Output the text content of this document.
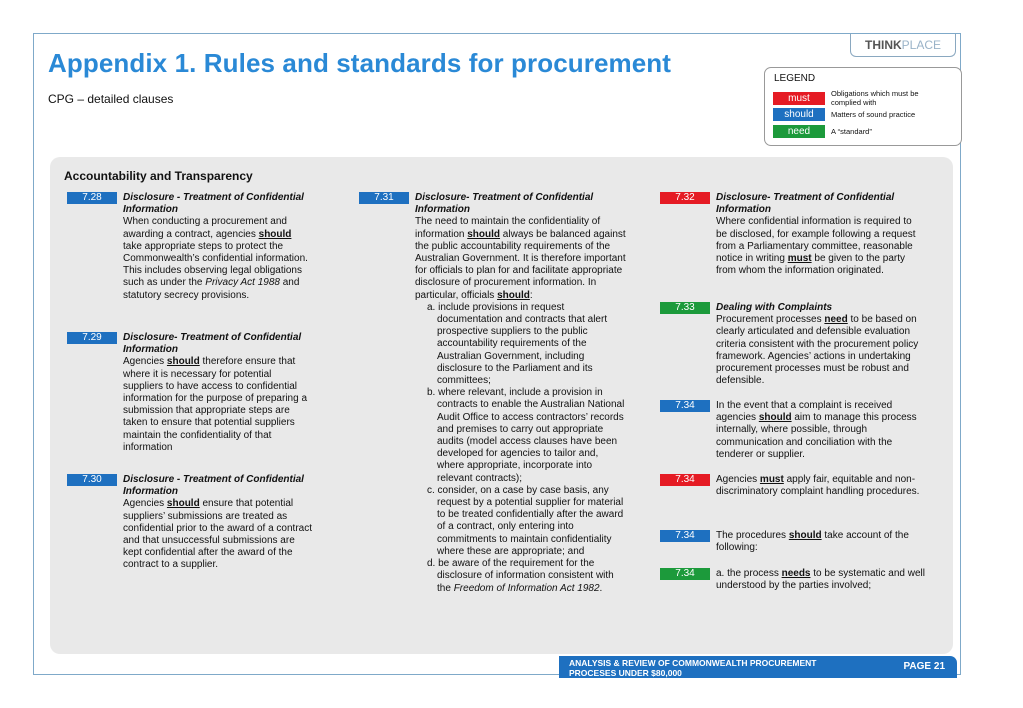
THINK PLACE
Appendix 1. Rules and standards for procurement
CPG – detailed clauses
LEGEND
must	Obligations which must be complied with
should	Matters of sound practice
need	A “standard”
Accountability and Transparency
7.28	Disclosure - Treatment of Confidential Information
When conducting a procurement and awarding a contract, agencies should take appropriate steps to protect the Commonwealth’s confidential information. This includes observing legal obligations such as under the Privacy Act 1988 and statutory secrecy provisions.
7.29	Disclosure- Treatment of Confidential Information
Agencies should therefore ensure that where it is necessary for potential suppliers to have access to confidential information for the purpose of preparing a submission that appropriate steps are taken to ensure that potential suppliers maintain the confidentiality of that information
7.30	Disclosure - Treatment of Confidential Information
Agencies should ensure that potential suppliers’ submissions are treated as confidential prior to the award of a contract and that unsuccessful submissions are kept confidential after the award of the contract to a supplier.
7.31	Disclosure- Treatment of Confidential Information
The need to maintain the confidentiality of information should always be balanced against the public accountability requirements of the Australian Government. It is therefore important for officials to plan for and facilitate appropriate disclosure of procurement information. In particular, officials should:
a. include provisions in request documentation and contracts that alert prospective suppliers to the public accountability requirements of the Australian Government, including disclosure to the Parliament and its committees;
b. where relevant, include a provision in contracts to enable the Australian National Audit Office to access contractors’ records and premises to carry out appropriate audits (model access clauses have been developed for agencies to tailor and, where appropriate, incorporate into relevant contracts);
c. consider, on a case by case basis, any request by a potential supplier for material to be treated confidentially after the award of a contract, only entering into commitments to maintain confidentiality where these are appropriate; and
d. be aware of the requirement for the disclosure of information consistent with the Freedom of Information Act 1982.
7.32	Disclosure- Treatment of Confidential Information
Where confidential information is required to be disclosed, for example following a request from a Parliamentary committee, reasonable notice in writing must be given to the party from whom the information originated.
7.33	Dealing with Complaints
Procurement processes need to be based on clearly articulated and defensible evaluation criteria consistent with the procurement policy framework. Agencies’ actions in undertaking procurement processes must be robust and defensible.
7.34	In the event that a complaint is received agencies should aim to manage this process internally, where possible, through communication and conciliation with the tenderer or supplier.
7.34	Agencies must apply fair, equitable and non-discriminatory complaint handling procedures.
7.34	The procedures should take account of the following:
7.34	a. the process needs to be systematic and well understood by the parties involved;
ANALYSIS & REVIEW OF COMMONWEALTH PROCUREMENT PROCESES UNDER $80,000
PAGE 21
